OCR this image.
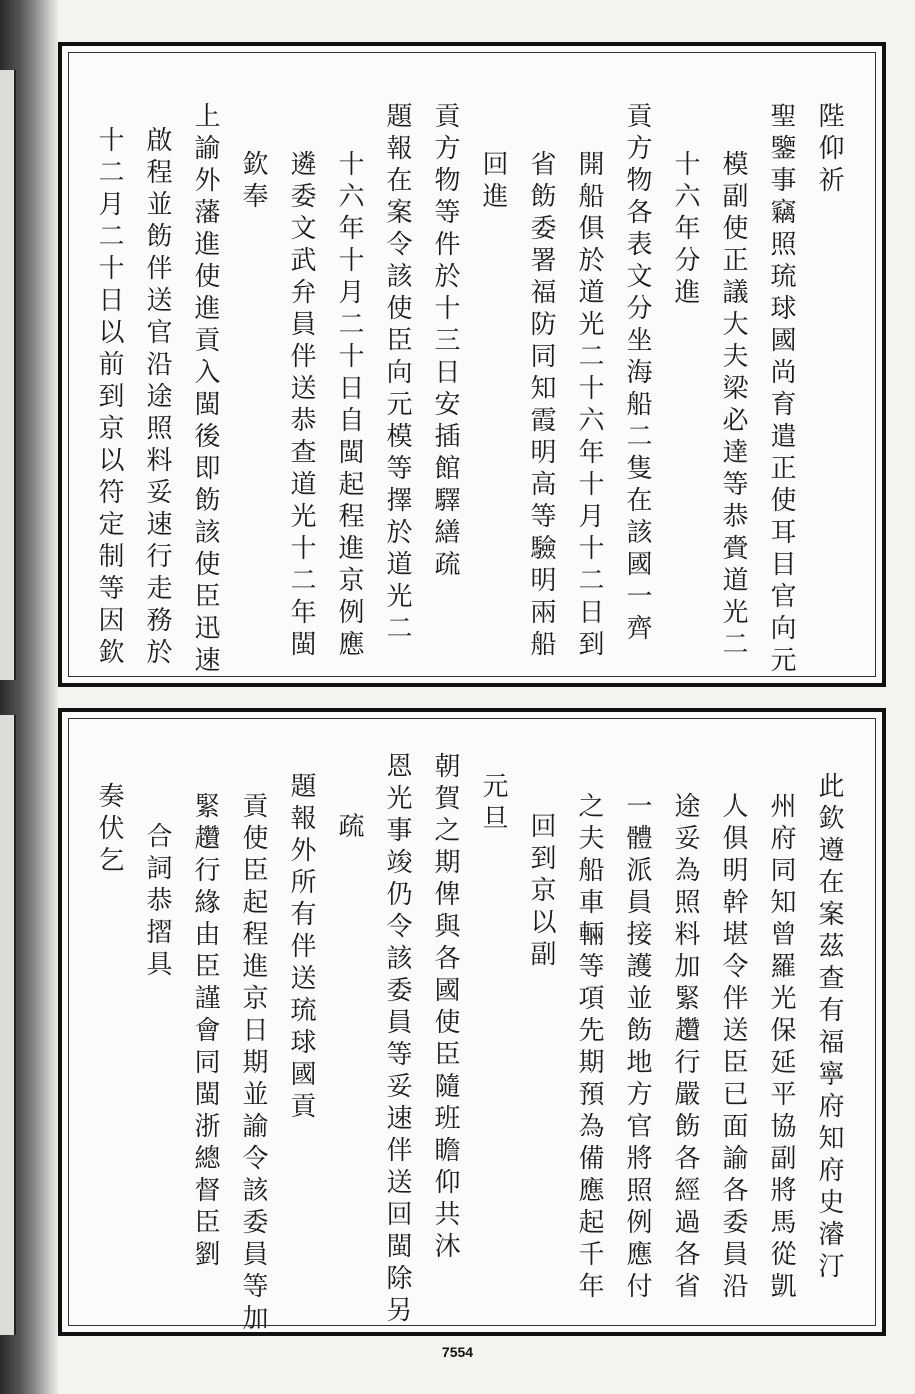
陛仰祈
聖鑒事竊照琉球國尚育遣正使耳目官向元
模副使正議大夫梁必達等恭賫道光二
十六年分進
貢方物各表文分坐海船二隻在該國一齊
開船俱於道光二十六年十月十二日到
省飭委署福防同知霞明高等驗明兩船
回進
貢方物等件於十三日安插館驛繕疏
題報在案令該使臣向元模等擇於道光二
十六年十月二十日自閩起程進京例應
遴委文武弁員伴送恭查道光十二年閩
欽奉
上諭外藩進使進貢入閩後即飭該使臣迅速
啟程並飭伴送官沿途照料妥速行走務於
十二月二十日以前到京以符定制等因欽
此欽遵在案茲查有福寧府知府史濬汀
州府同知曾羅光保延平協副將馬從凱
人俱明幹堪令伴送臣已面諭各委員沿
途妥為照料加緊趲行嚴飭各經過各省
一體派員接護並飭地方官將照例應付
之夫船車輛等項先期預為備應起千年
回到京以副
元旦
朝賀之期俾與各國使臣隨班瞻仰共沐
恩光事竣仍令該委員等妥速伴送回閩除另
疏
題報外所有伴送琉球國貢
貢使臣起程進京日期並諭令該委員等加
緊趲行緣由臣謹會同閩浙總督臣劉
合詞恭摺具
奏伏乞
7554
